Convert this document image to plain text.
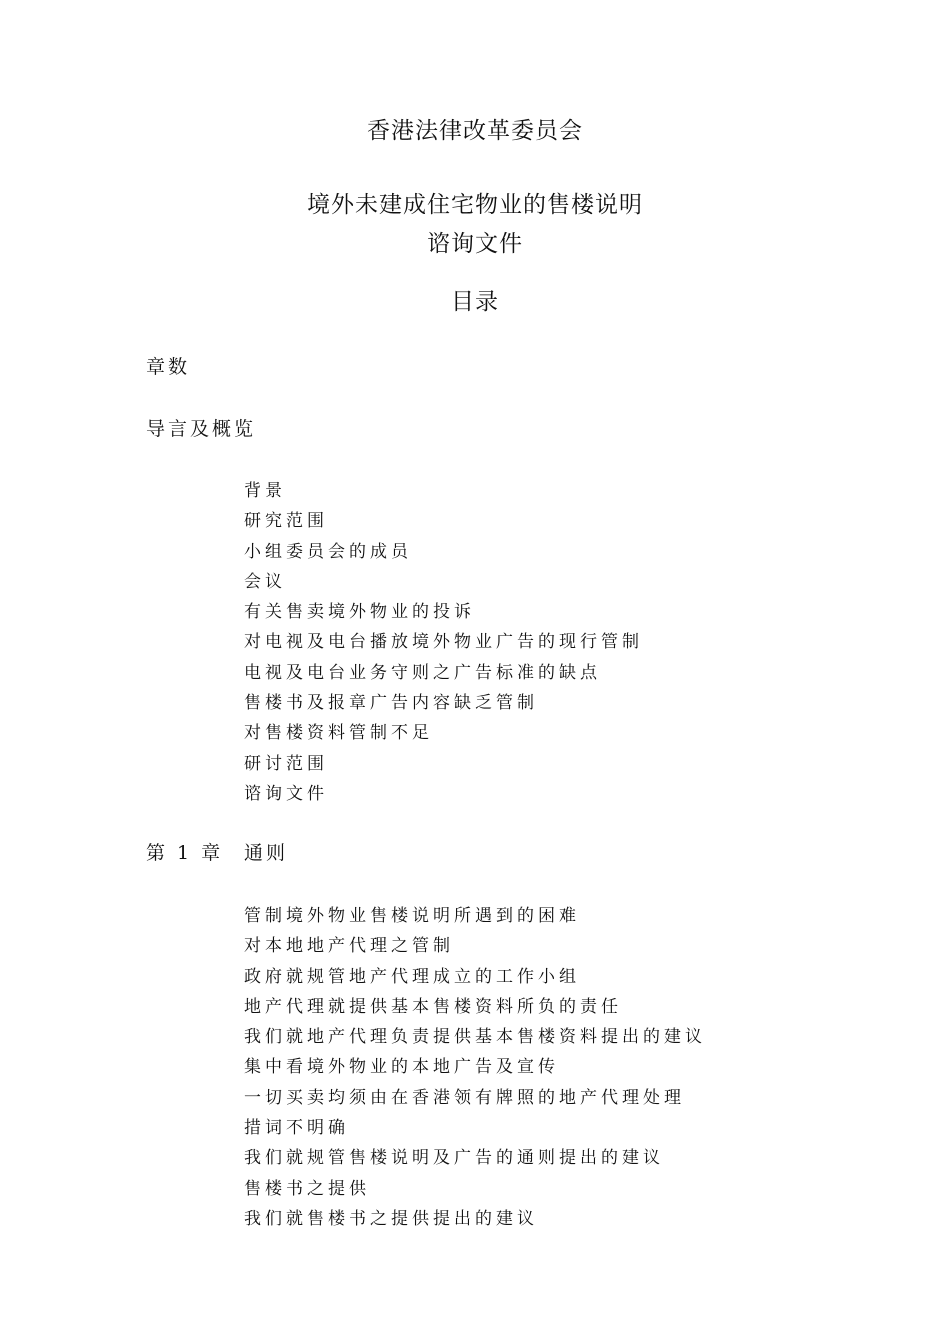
香港法律改革委员会
境外未建成住宅物业的售楼说明
谘询文件
目录
章数
导言及概览
背景
研究范围
小组委员会的成员
会议
有关售卖境外物业的投诉
对电视及电台播放境外物业广告的现行管制
电视及电台业务守则之广告标准的缺点
售楼书及报章广告内容缺乏管制
对售楼资料管制不足
研讨范围
谘询文件
第 1 章 通则
管制境外物业售楼说明所遇到的困难
对本地地产代理之管制
政府就规管地产代理成立的工作小组
地产代理就提供基本售楼资料所负的责任
我们就地产代理负责提供基本售楼资料提出的建议
集中看境外物业的本地广告及宣传
一切买卖均须由在香港领有牌照的地产代理处理
措词不明确
我们就规管售楼说明及广告的通则提出的建议
售楼书之提供
我们就售楼书之提供提出的建议
